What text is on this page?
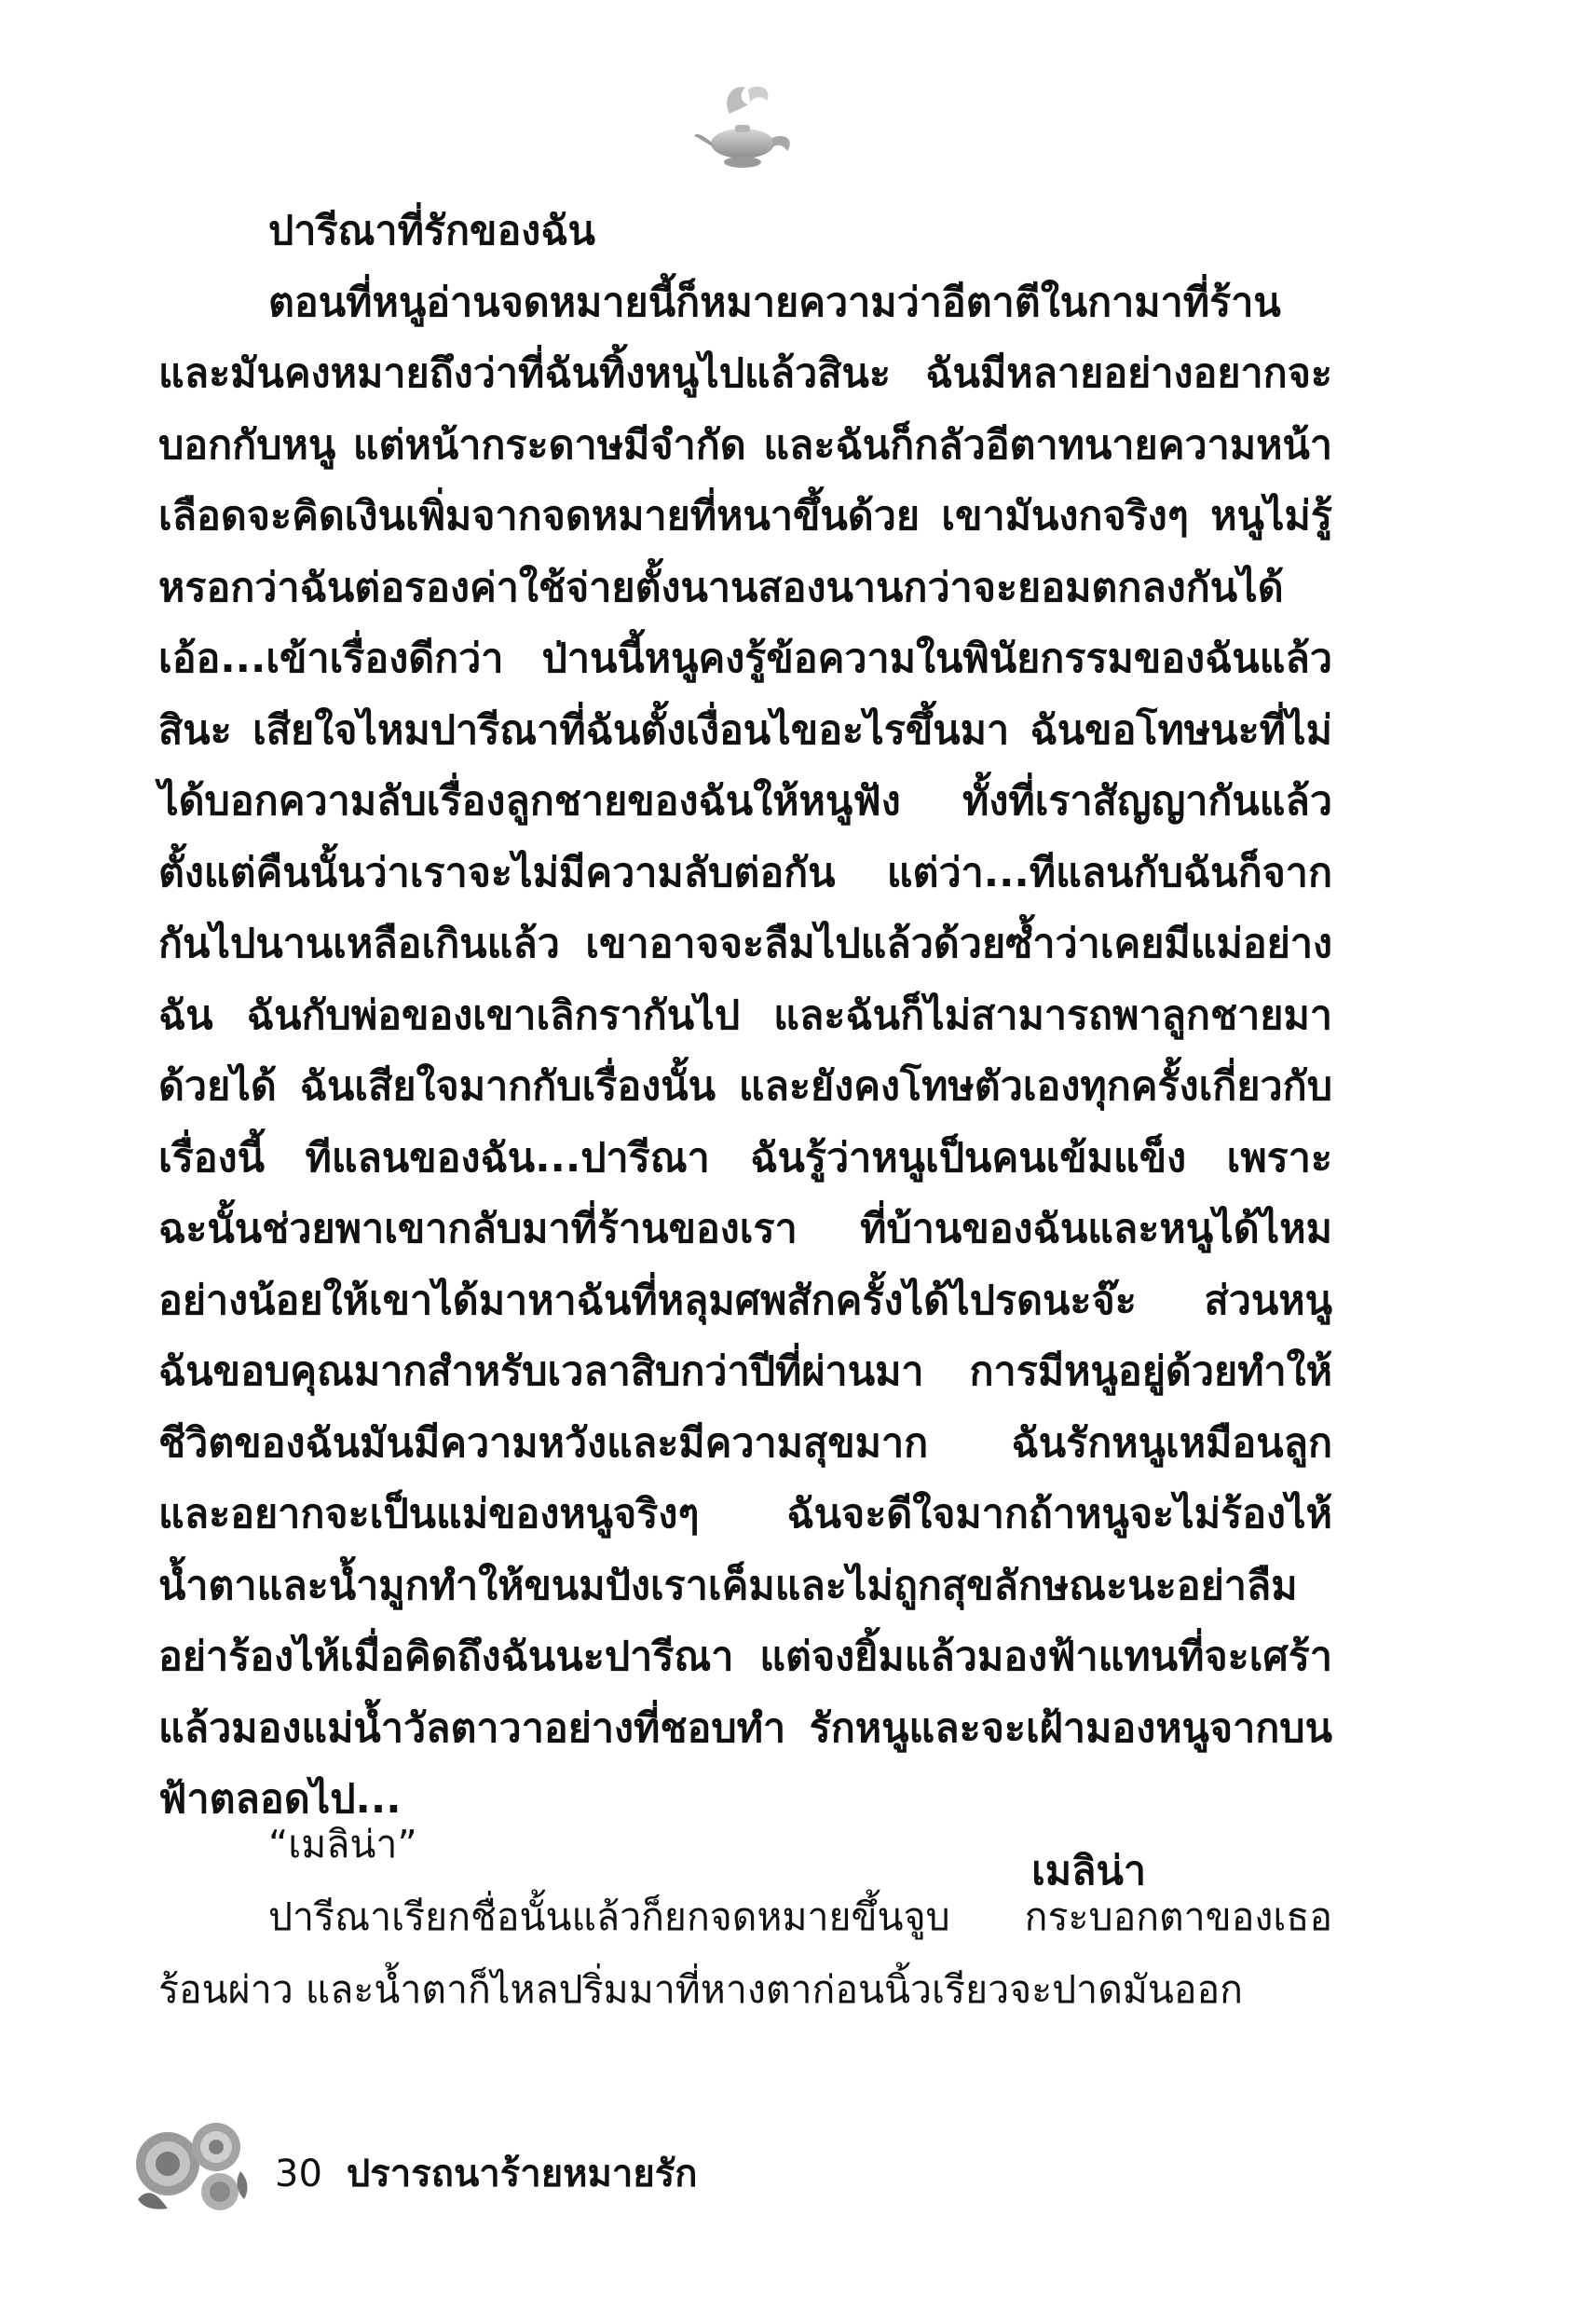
ปารีณาที่รักของฉัน

ตอนที่หนูอ่านจดหมายนี้ก็หมายความว่าอีตาตีในกามาที่ร้าน และมันคงหมายถึงว่าที่ฉันทิ้งหนูไปแล้วสินะ ฉันมีหลายอย่างอยากจะบอกกับหนู แต่หน้ากระดาษมีจำกัด และฉันก็กลัวอีตาทนายความหน้าเลือดจะคิดเงินเพิ่มจากจดหมายที่หนาขึ้นด้วย เขามันงกจริงๆ หนูไม่รู้หรอกว่าฉันต่อรองค่าใช้จ่ายตั้งนานสองนานกว่าจะยอมตกลงกันได้เอ้อ...เข้าเรื่องดีกว่า ป่านนี้หนูคงรู้ข้อความในพินัยกรรมของฉันแล้วสินะ เสียใจไหมปารีณาที่ฉันตั้งเงื่อนไขอะไรขึ้นมา ฉันขอโทษนะที่ไม่ได้บอกความลับเรื่องลูกชายของฉันให้หนูฟัง ทั้งที่เราสัญญากันแล้วตั้งแต่คืนนั้นว่าเราจะไม่มีความลับต่อกัน แต่ว่า...ทีแลนกับฉันก็จากกันไปนานเหลือเกินแล้ว เขาอาจจะลืมไปแล้วด้วยซ้ำว่าเคยมีแม่อย่างฉัน ฉันกับพ่อของเขาเลิกรากันไป และฉันก็ไม่สามารถพาลูกชายมาด้วยได้ ฉันเสียใจมากกับเรื่องนั้น และยังคงโทษตัวเองทุกครั้งเกี่ยวกับเรื่องนี้ ทีแลนของฉัน...ปารีณา ฉันรู้ว่าหนูเป็นคนเข้มแข็ง เพราะฉะนั้นช่วยพาเขากลับมาที่ร้านของเรา ที่บ้านของฉันและหนูได้ไหม อย่างน้อยให้เขาได้มาหาฉันที่หลุมศพสักครั้งได้ไปรดนะจ๊ะ ส่วนหนูฉันขอบคุณมากสำหรับเวลาสิบกว่าปีที่ผ่านมา การมีหนูอยู่ด้วยทำให้ชีวิตของฉันมันมีความหวังและมีความสุขมาก ฉันรักหนูเหมือนลูก และอยากจะเป็นแม่ของหนูจริงๆ ฉันจะดีใจมากถ้าหนูจะไม่ร้องไห้ น้ำตาและน้ำมูกทำให้ขนมปังเราเค็มและไม่ถูกสุขลักษณะนะอย่าลืม อย่าร้องไห้เมื่อคิดถึงฉันนะปารีณา แต่จงยิ้มแล้วมองฟ้าแทนที่จะเศร้าแล้วมองแม่น้ำวัลตาวาอย่างที่ชอบทำ รักหนูและจะเฝ้ามองหนูจากบนฟ้าตลอดไป...

เมลิน่า

“เมลิน่า”

ปารีณาเรียกชื่อนั้นแล้วก็ยกจดหมายขึ้นจูบ กระบอกตาของเธอร้อนผ่าว และน้ำตาก็ไหลปริ่มมาที่หางตาก่อนนิ้วเรียวจะปาดมันออก

30 ปรารถนาร้ายหมายรัก
